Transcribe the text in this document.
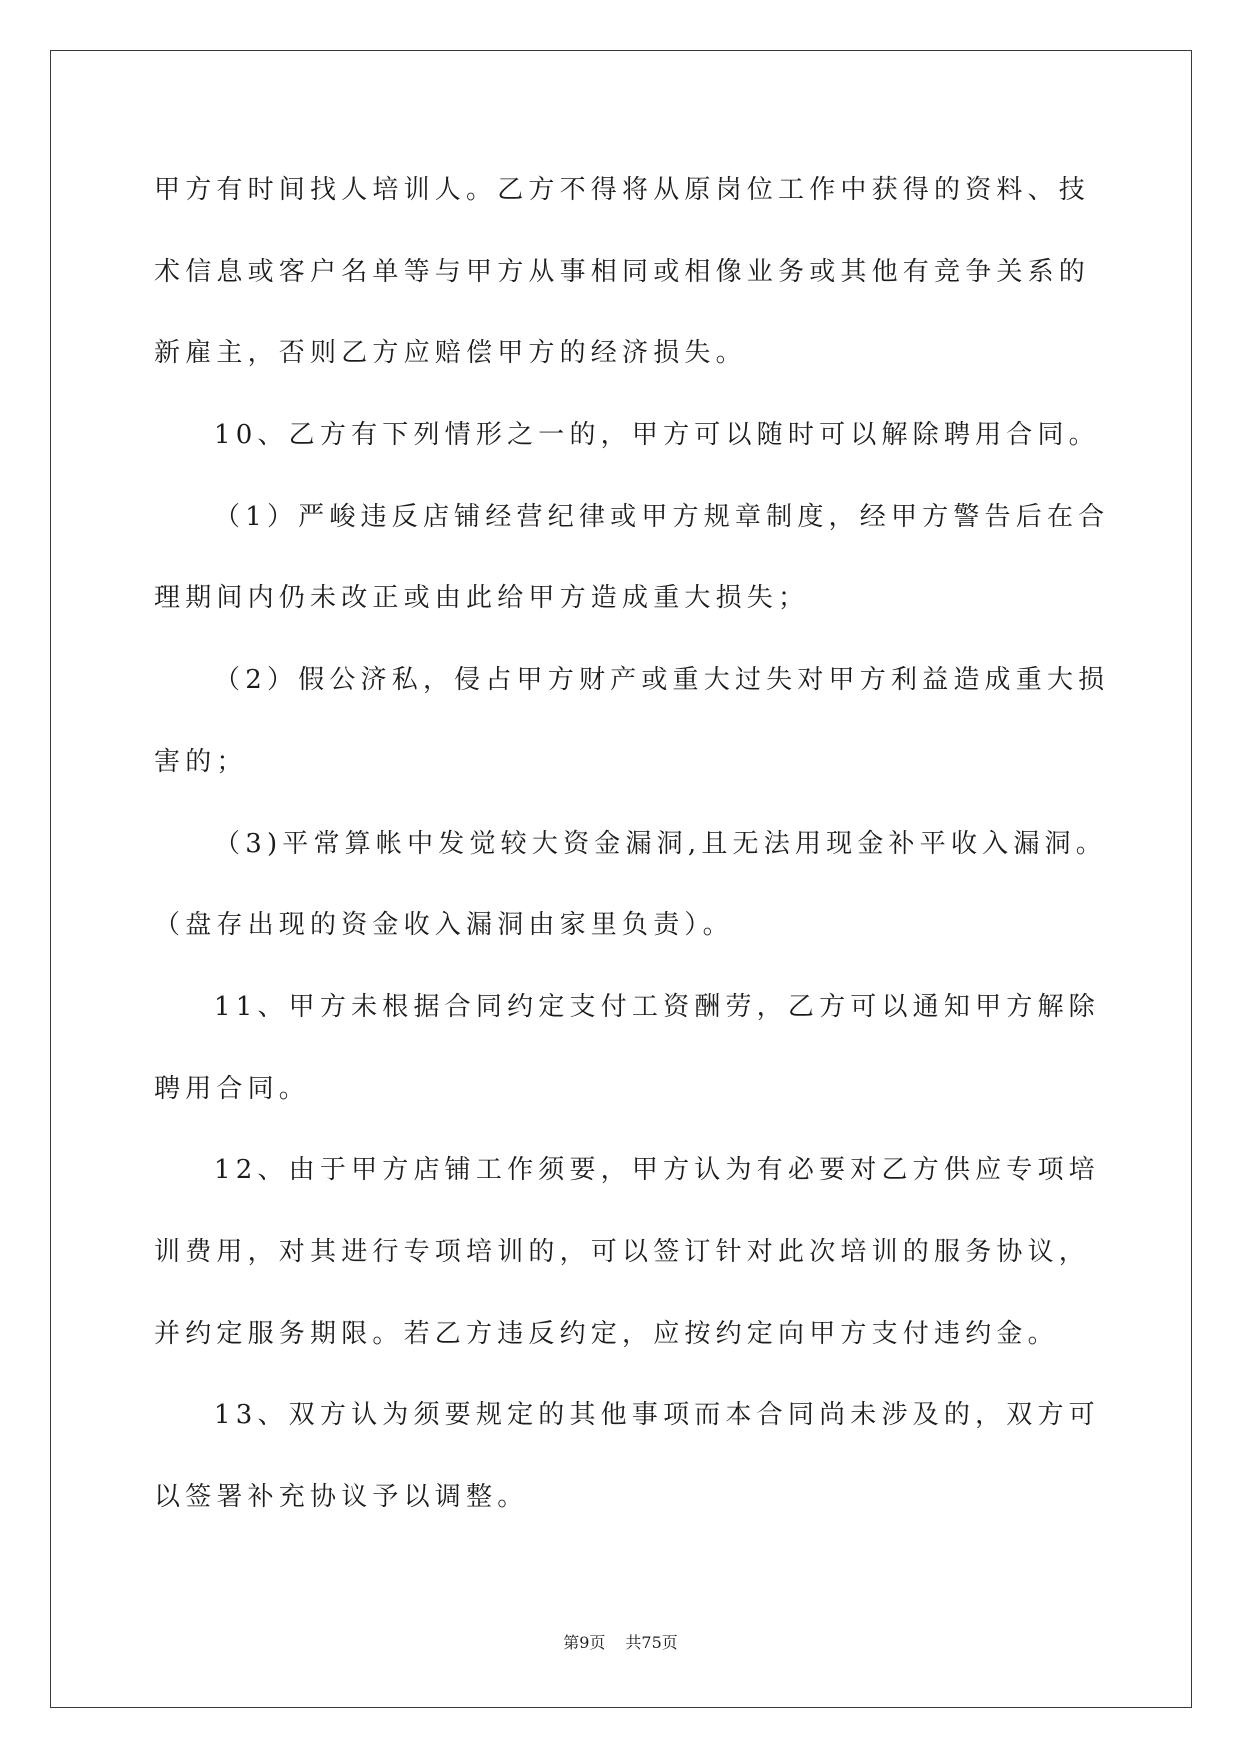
甲方有时间找人培训人。乙方不得将从原岗位工作中获得的资料、技
术信息或客户名单等与甲方从事相同或相像业务或其他有竞争关系的
新雇主，否则乙方应赔偿甲方的经济损失。
10、乙方有下列情形之一的，甲方可以随时可以解除聘用合同。
（1）严峻违反店铺经营纪律或甲方规章制度，经甲方警告后在合
理期间内仍未改正或由此给甲方造成重大损失；
（2）假公济私，侵占甲方财产或重大过失对甲方利益造成重大损
害的；
（3)平常算帐中发觉较大资金漏洞,且无法用现金补平收入漏洞。
（盘存出现的资金收入漏洞由家里负责）。
11、甲方未根据合同约定支付工资酬劳，乙方可以通知甲方解除
聘用合同。
12、由于甲方店铺工作须要，甲方认为有必要对乙方供应专项培
训费用，对其进行专项培训的，可以签订针对此次培训的服务协议，
并约定服务期限。若乙方违反约定，应按约定向甲方支付违约金。
13、双方认为须要规定的其他事项而本合同尚未涉及的，双方可
以签署补充协议予以调整。
第9页 共75页
